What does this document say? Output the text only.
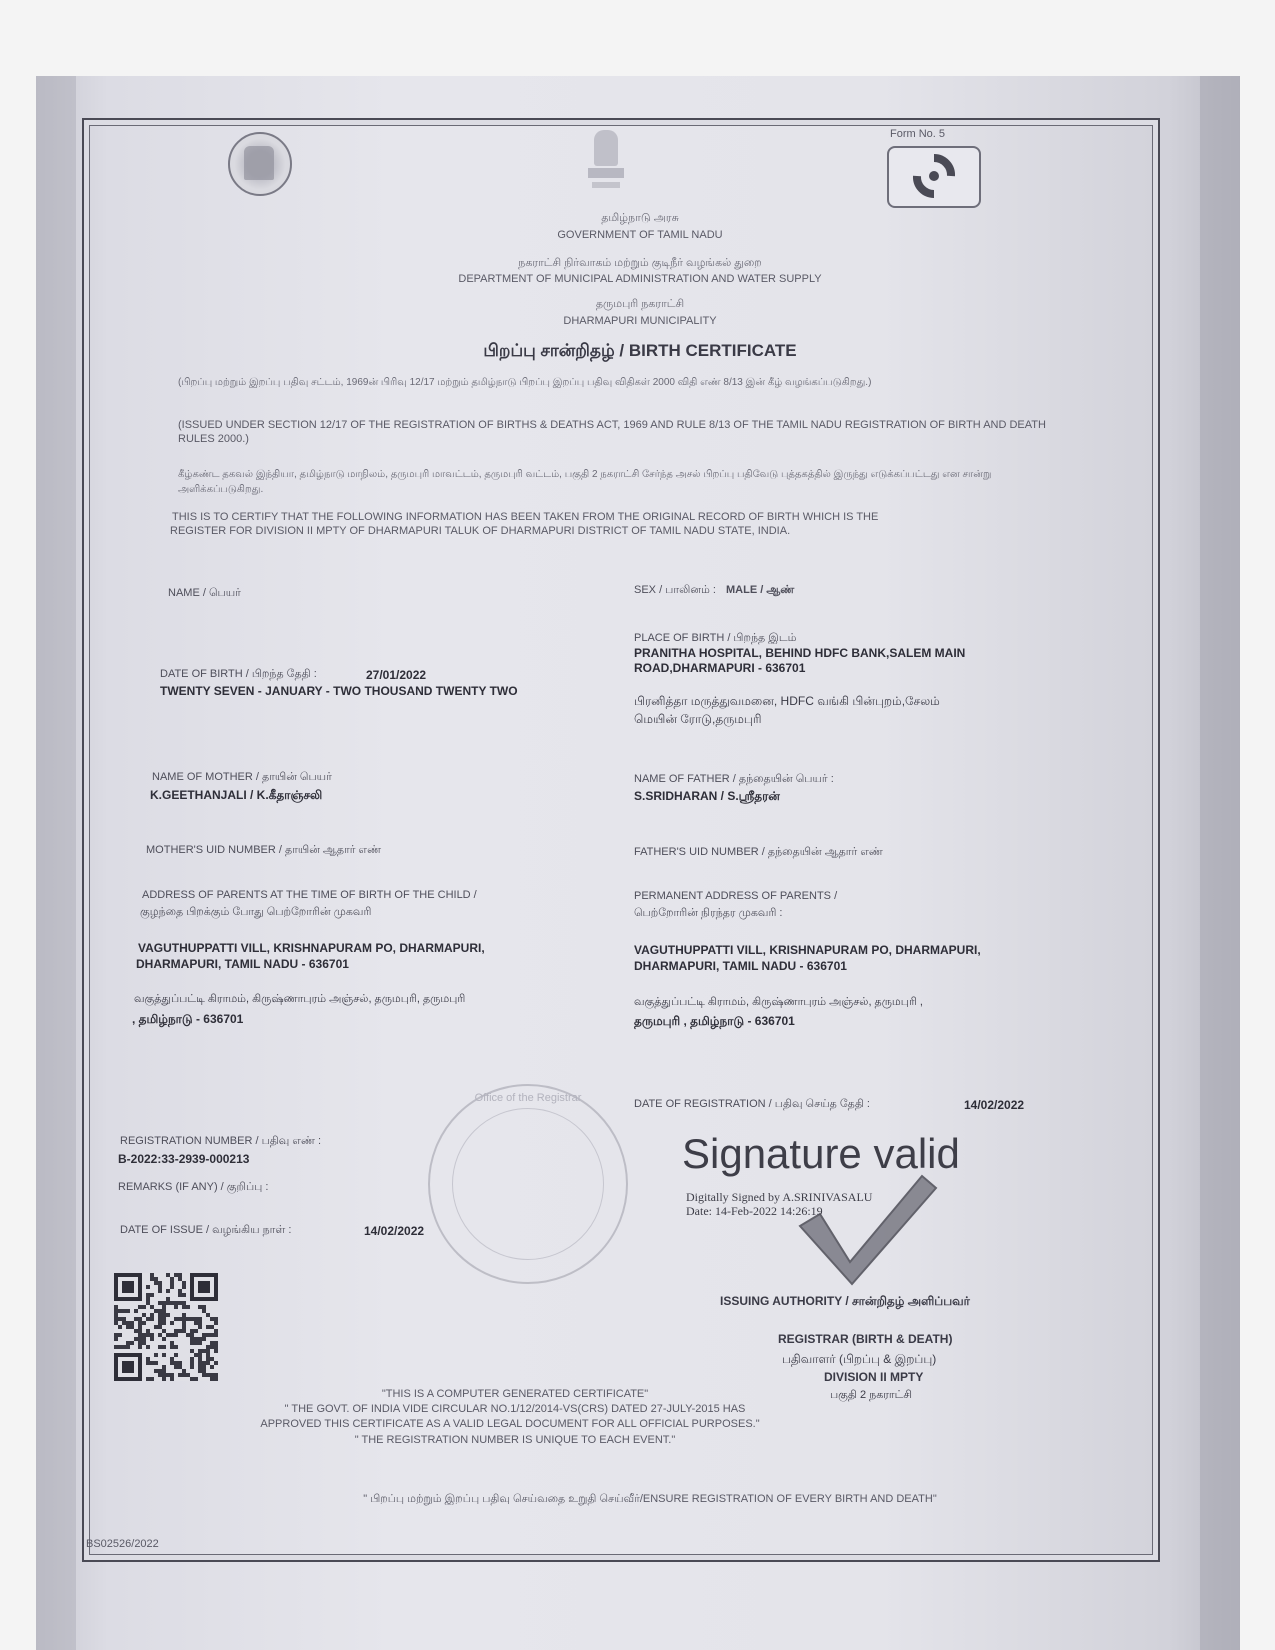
Form No. 5
தமிழ்நாடு அரசு
GOVERNMENT OF TAMIL NADU
நகராட்சி நிர்வாகம் மற்றும் குடிநீர் வழங்கல் துறை
DEPARTMENT OF MUNICIPAL ADMINISTRATION AND WATER SUPPLY
தருமபுரி நகராட்சி
DHARMAPURI MUNICIPALITY
பிறப்பு சான்றிதழ் / BIRTH CERTIFICATE
(பிறப்பு மற்றும் இறப்பு பதிவு சட்டம், 1969ன் பிரிவு 12/17 மற்றும் தமிழ்நாடு பிறப்பு இறப்பு பதிவு விதிகள் 2000 விதி எண் 8/13 இன் கீழ் வழங்கப்படுகிறது.)
(ISSUED UNDER SECTION 12/17 OF THE REGISTRATION OF BIRTHS & DEATHS ACT, 1969 AND RULE 8/13 OF THE TAMIL NADU REGISTRATION OF BIRTH AND DEATH RULES 2000.)
கீழ்கண்ட தகவல் இந்தியா, தமிழ்நாடு மாநிலம், தருமபுரி மாவட்டம், தருமபுரி வட்டம், பகுதி 2 நகராட்சி சேர்ந்த அசல் பிறப்பு பதிவேடு புத்தகத்தில் இருந்து எடுக்கப்பட்டது என சான்று அளிக்கப்படுகிறது.
THIS IS TO CERTIFY THAT THE FOLLOWING INFORMATION HAS BEEN TAKEN FROM THE ORIGINAL RECORD OF BIRTH WHICH IS THE
REGISTER FOR DIVISION II MPTY OF DHARMAPURI TALUK OF DHARMAPURI DISTRICT OF TAMIL NADU STATE, INDIA.
NAME / பெயர்	SEX / பாலினம் : MALE / ஆண்
PLACE OF BIRTH / பிறந்த இடம்
PRANITHA HOSPITAL, BEHIND HDFC BANK,SALEM MAIN
ROAD,DHARMAPURI - 636701
பிரனித்தா மருத்துவமனை, HDFC வங்கி பின்புறம்,சேலம்
மெயின் ரோடு,தருமபுரி
DATE OF BIRTH / பிறந்த தேதி :	27/01/2022
TWENTY SEVEN - JANUARY - TWO THOUSAND TWENTY TWO
NAME OF MOTHER / தாயின் பெயர்
K.GEETHANJALI / K.கீதாஞ்சலி
NAME OF FATHER / தந்தையின் பெயர் :
S.SRIDHARAN / S.ஸ்ரீதரன்
MOTHER'S UID NUMBER / தாயின் ஆதார் எண்	FATHER'S UID NUMBER / தந்தையின் ஆதார் எண்
ADDRESS OF PARENTS AT THE TIME OF BIRTH OF THE CHILD /
குழந்தை பிறக்கும் போது பெற்றோரின் முகவரி
VAGUTHUPPATTI VILL, KRISHNAPURAM PO, DHARMAPURI,
DHARMAPURI, TAMIL NADU - 636701
வகுத்துப்பட்டி கிராமம், கிருஷ்ணாபுரம் அஞ்சல், தருமபுரி, தருமபுரி
, தமிழ்நாடு - 636701
PERMANENT ADDRESS OF PARENTS /
பெற்றோரின் நிரந்தர முகவரி :
VAGUTHUPPATTI VILL, KRISHNAPURAM PO, DHARMAPURI,
DHARMAPURI, TAMIL NADU - 636701
வகுத்துப்பட்டி கிராமம், கிருஷ்ணாபுரம் அஞ்சல், தருமபுரி ,
தருமபுரி , தமிழ்நாடு - 636701
DATE OF REGISTRATION / பதிவு செய்த தேதி :	14/02/2022
REGISTRATION NUMBER / பதிவு எண் :
B-2022:33-2939-000213
REMARKS (IF ANY) / குறிப்பு :
DATE OF ISSUE / வழங்கிய நாள் :	14/02/2022
Office of the Registrar
Signature valid
Digitally Signed by A.SRINIVASALU
Date: 14-Feb-2022 14:26:19
ISSUING AUTHORITY / சான்றிதழ் அளிப்பவர்
REGISTRAR (BIRTH & DEATH)
பதிவாளர் (பிறப்பு & இறப்பு)
DIVISION II MPTY
பகுதி 2 நகராட்சி
"THIS IS A COMPUTER GENERATED CERTIFICATE"
" THE GOVT. OF INDIA VIDE CIRCULAR NO.1/12/2014-VS(CRS) DATED 27-JULY-2015 HAS
APPROVED THIS CERTIFICATE AS A VALID LEGAL DOCUMENT FOR ALL OFFICIAL PURPOSES."
" THE REGISTRATION NUMBER IS UNIQUE TO EACH EVENT."
" பிறப்பு மற்றும் இறப்பு பதிவு செய்வதை உறுதி செய்வீர்/ENSURE REGISTRATION OF EVERY BIRTH AND DEATH"
BS02526/2022
